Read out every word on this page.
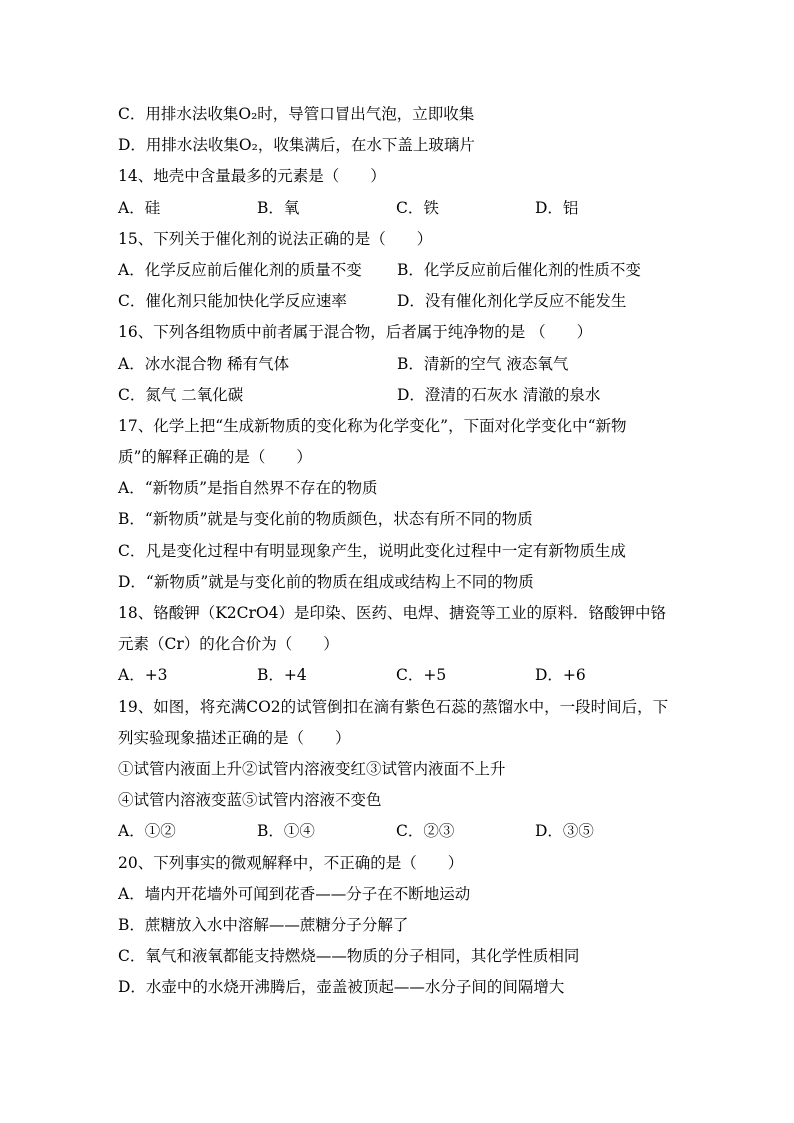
C．用排水法收集O₂时，导管口冒出气泡，立即收集
D．用排水法收集O₂，收集满后，在水下盖上玻璃片
14、地壳中含量最多的元素是（　　）
A．硅	B．氧	C．铁	D．铝
15、下列关于催化剂的说法正确的是（　　）
A．化学反应前后催化剂的质量不变	B．化学反应前后催化剂的性质不变
C．催化剂只能加快化学反应速率	D．没有催化剂化学反应不能发生
16、下列各组物质中前者属于混合物，后者属于纯净物的是 （　　）
A．冰水混合物 稀有气体	B．清新的空气 液态氧气
C．氮气 二氧化碳	D．澄清的石灰水 清澈的泉水
17、化学上把“生成新物质的变化称为化学变化”，下面对化学变化中“新物
质”的解释正确的是（　　）
A．“新物质”是指自然界不存在的物质
B．“新物质”就是与变化前的物质颜色，状态有所不同的物质
C．凡是变化过程中有明显现象产生，说明此变化过程中一定有新物质生成
D．“新物质”就是与变化前的物质在组成或结构上不同的物质
18、铬酸钾（K2CrO4）是印染、医药、电焊、搪瓷等工业的原料．铬酸钾中铬
元素（Cr）的化合价为（　　）
A．+3	B．+4	C．+5	D．+6
19、如图，将充满CO2的试管倒扣在滴有紫色石蕊的蒸馏水中，一段时间后，下
列实验现象描述正确的是（　　）
①试管内液面上升②试管内溶液变红③试管内液面不上升
④试管内溶液变蓝⑤试管内溶液不变色
A．①②	B．①④	C．②③	D．③⑤
20、下列事实的微观解释中，不正确的是（　　）
A．墙内开花墙外可闻到花香——分子在不断地运动
B．蔗糖放入水中溶解——蔗糖分子分解了
C．氧气和液氧都能支持燃烧——物质的分子相同，其化学性质相同
D．水壶中的水烧开沸腾后，壶盖被顶起——水分子间的间隔增大
